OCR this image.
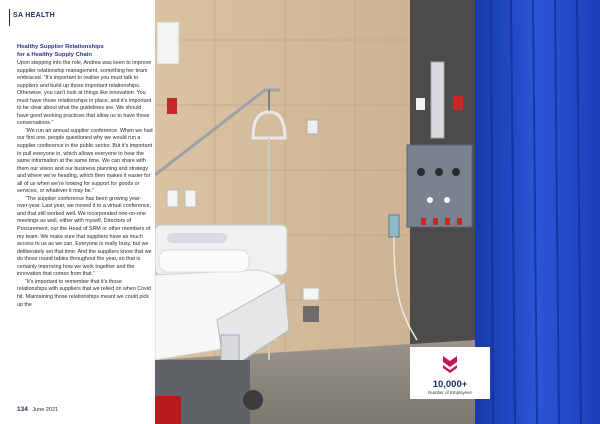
SA HEALTH
Healthy Supplier Relationships
for a Healthy Supply Chain

Upon stepping into the role, Andrea was keen to improve supplier relationship management, something her team embraced. “It’s important to realise you must talk to suppliers and build up those important relationships. Otherwise, you can’t look at things like innovation. You must have those relationships in place, and it’s important to be clear about what the guidelines are. We should have good working practices that allow us to have those conversations.”

“We run an annual supplier conference. When we had our first one, people questioned why we would run a supplier conference in the public sector. But it’s important to pull everyone in, which allows everyone to hear the same information at the same time. We can share with them our vision and our business planning and strategy and where we’re heading, which then makes it easier for all of us when we’re looking for support for goods or services, or whatever it may be.”

“The supplier conference has been growing year-over-year. Last year, we moved it to a virtual conference, and that still worked well. We incorporated one-on-one meetings as well, either with myself, Directors of Procurement, our the Head of SRM or other members of my team. We make sure that suppliers have as much access to us as we can. Everyone is really busy, but we deliberately set that time. And the suppliers know that we do those round tables throughout the year, so that is certainly improving how we work together and the innovation that comes from that.”

“It’s important to remember that it’s those relationships with suppliers that we relied on when Covid hit. Maintaining those relationships meant we could pick up the

134 June 2021
10,000+
Number of Employees
